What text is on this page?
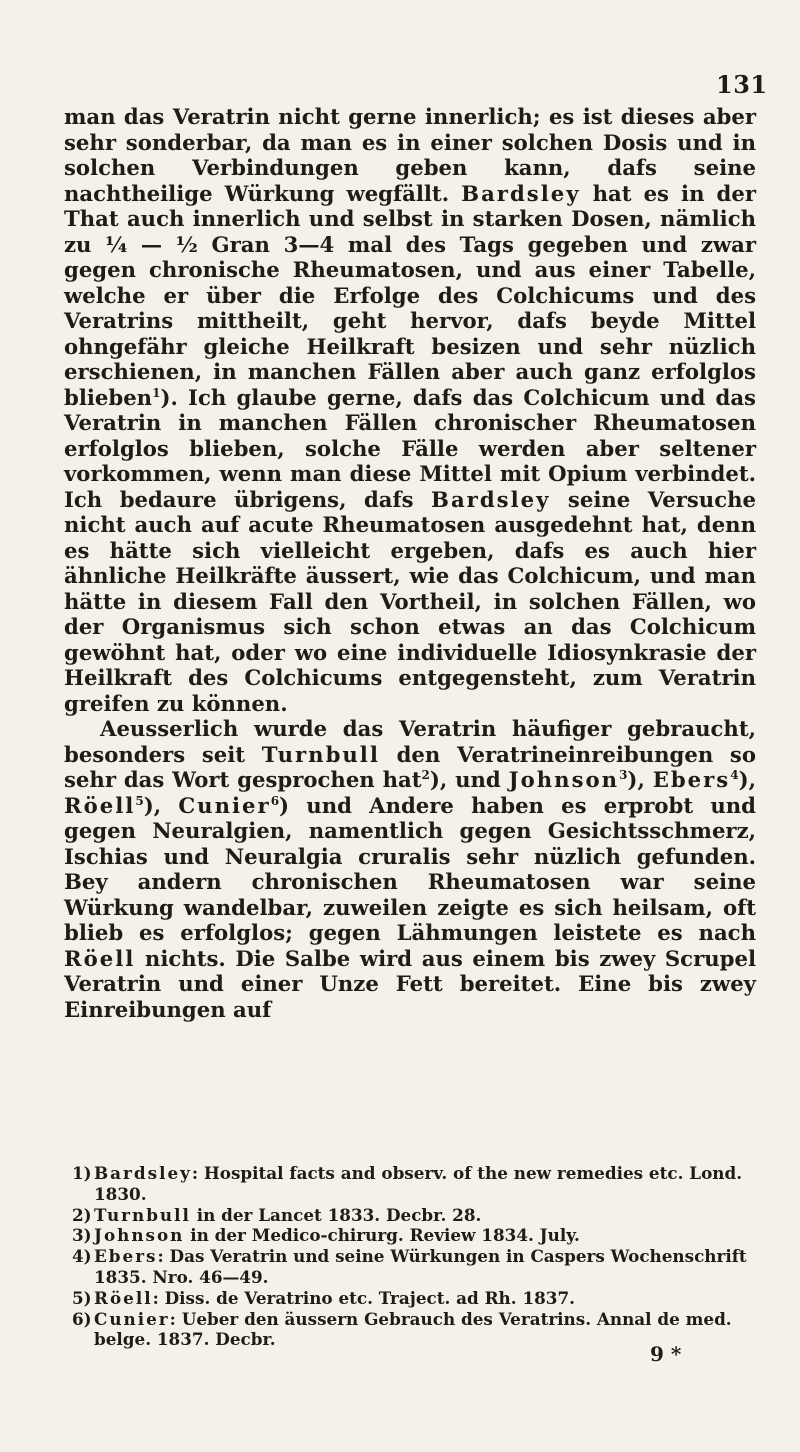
131

man das Veratrin nicht gerne innerlich; es ist dieses aber sehr sonderbar, da man es in einer solchen Dosis und in solchen Verbindungen geben kann, dafs seine nachtheilige Würkung wegfällt. Bardsley hat es in der That auch innerlich und selbst in starken Dosen, nämlich zu ¼ — ½ Gran 3—4 mal des Tags gegeben und zwar gegen chronische Rheumatosen, und aus einer Tabelle, welche er über die Erfolge des Colchicums und des Veratrins mittheilt, geht hervor, dafs beyde Mittel ohngefähr gleiche Heilkraft besizen und sehr nüzlich erschienen, in manchen Fällen aber auch ganz erfolglos blieben$^1$). Ich glaube gerne, dafs das Colchicum und das Veratrin in manchen Fällen chronischer Rheumatosen erfolglos blieben, solche Fälle werden aber seltener vorkommen, wenn man diese Mittel mit Opium verbindet. Ich bedaure übrigens, dafs Bardsley seine Versuche nicht auch auf acute Rheumatosen ausgedehnt hat, denn es hätte sich vielleicht ergeben, dafs es auch hier ähnliche Heilkräfte äussert, wie das Colchicum, und man hätte in diesem Fall den Vortheil, in solchen Fällen, wo der Organismus sich schon etwas an das Colchicum gewöhnt hat, oder wo eine individuelle Idiosynkrasie der Heilkraft des Colchicums entgegensteht, zum Veratrin greifen zu können.

Aeusserlich wurde das Veratrin häufiger gebraucht, besonders seit Turnbull den Veratrineinreibungen so sehr das Wort gesprochen hat$^2$), und Johnson$^3$), Ebers$^4$), Röell$^5$), Cunier$^6$) und Andere haben es erprobt und gegen Neuralgien, namentlich gegen Gesichtsschmerz, Ischias und Neuralgia cruralis sehr nüzlich gefunden. Bey andern chronischen Rheumatosen war seine Würkung wandelbar, zuweilen zeigte es sich heilsam, oft blieb es erfolglos; gegen Lähmungen leistete es nach Röell nichts. Die Salbe wird aus einem bis zwey Scrupel Veratrin und einer Unze Fett bereitet. Eine bis zwey Einreibungen auf

1) Bardsley: Hospital facts and observ. of the new remedies etc. Lond. 1830.
2) Turnbull in der Lancet 1833. Decbr. 28.
3) Johnson in der Medico-chirurg. Review 1834. July.
4) Ebers: Das Veratrin und seine Würkungen in Caspers Wochenschrift 1835. Nro. 46—49.
5) Röell: Diss. de Veratrino etc. Traject. ad Rh. 1837.
6) Cunier: Ueber den äussern Gebrauch des Veratrins. Annal de med. belge. 1837. Decbr.
9 *
